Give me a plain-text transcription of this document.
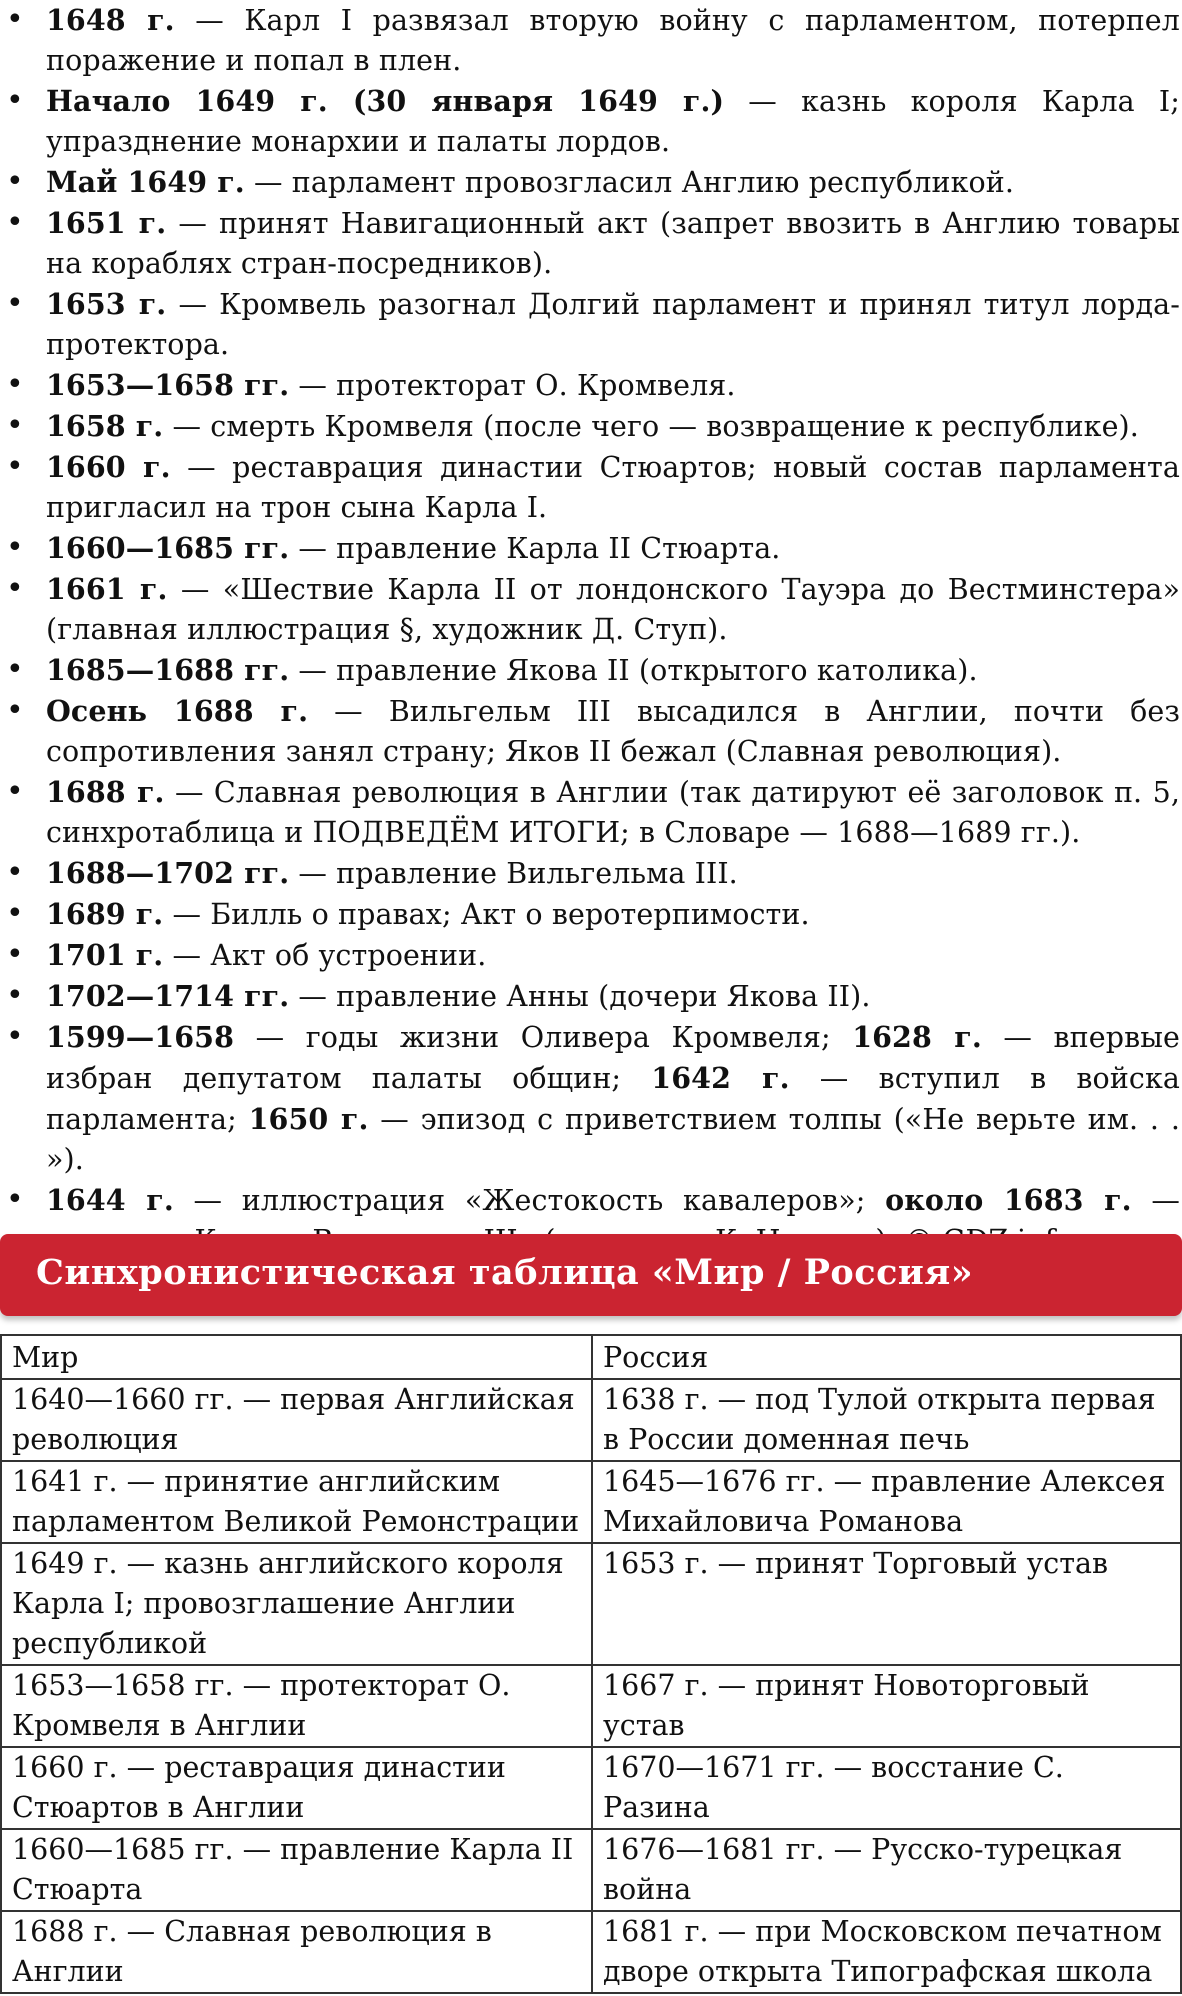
• 1648 г. — Карл I развязал вторую войну с парламентом, потерпел поражение и попал в плен.
• Начало 1649 г. (30 января 1649 г.) — казнь короля Карла I; упразднение монархии и палаты лордов.
• Май 1649 г. — парламент провозгласил Англию республикой.
• 1651 г. — принят Навигационный акт (запрет ввозить в Англию товары на кораблях стран-посредников).
• 1653 г. — Кромвель разогнал Долгий парламент и принял титул лорда-протектора.
• 1653—1658 гг. — протекторат О. Кромвеля.
• 1658 г. — смерть Кромвеля (после чего — возвращение к республике).
• 1660 г. — реставрация династии Стюартов; новый состав парламента пригласил на трон сына Карла I.
• 1660—1685 гг. — правление Карла II Стюарта.
• 1661 г. — «Шествие Карла II от лондонского Тауэра до Вестминстера» (главная иллюстрация §, художник Д. Ступ).
• 1685—1688 гг. — правление Якова II (открытого католика).
• Осень 1688 г. — Вильгельм III высадился в Англии, почти без сопротивления занял страну; Яков II бежал (Славная революция).
• 1688 г. — Славная революция в Англии (так датируют её заголовок п. 5, синхротаблица и ПОДВЕДЁМ ИТОГИ; в Словаре — 1688—1689 гг.).
• 1688—1702 гг. — правление Вильгельма III.
• 1689 г. — Билль о правах; Акт о веротерпимости.
• 1701 г. — Акт об устроении.
• 1702—1714 гг. — правление Анны (дочери Якова II).
• 1599—1658 — годы жизни Оливера Кромвеля; 1628 г. — впервые избран депутатом палаты общин; 1642 г. — вступил в войска парламента; 1650 г. — эпизод с приветствием толпы («Не верьте им. . . »).
• 1644 г. — иллюстрация «Жестокость кавалеров»; около 1683 г. —
Синхронистическая таблица «Мир / Россия»
Мир	Россия
1640—1660 гг. — первая Английская революция	1638 г. — под Тулой открыта первая в России доменная печь
1641 г. — принятие английским парламентом Великой Ремонстрации	1645—1676 гг. — правление Алексея Михайловича Романова
1649 г. — казнь английского короля Карла I; провозглашение Англии республикой	1653 г. — принят Торговый устав
1653—1658 гг. — протекторат О. Кромвеля в Англии	1667 г. — принят Новоторговый устав
1660 г. — реставрация династии Стюартов в Англии	1670—1671 гг. — восстание С. Разина
1660—1685 гг. — правление Карла II Стюарта	1676—1681 гг. — Русско-турецкая война
1688 г. — Славная революция в Англии	1681 г. — при Московском печатном дворе открыта Типографская школа
